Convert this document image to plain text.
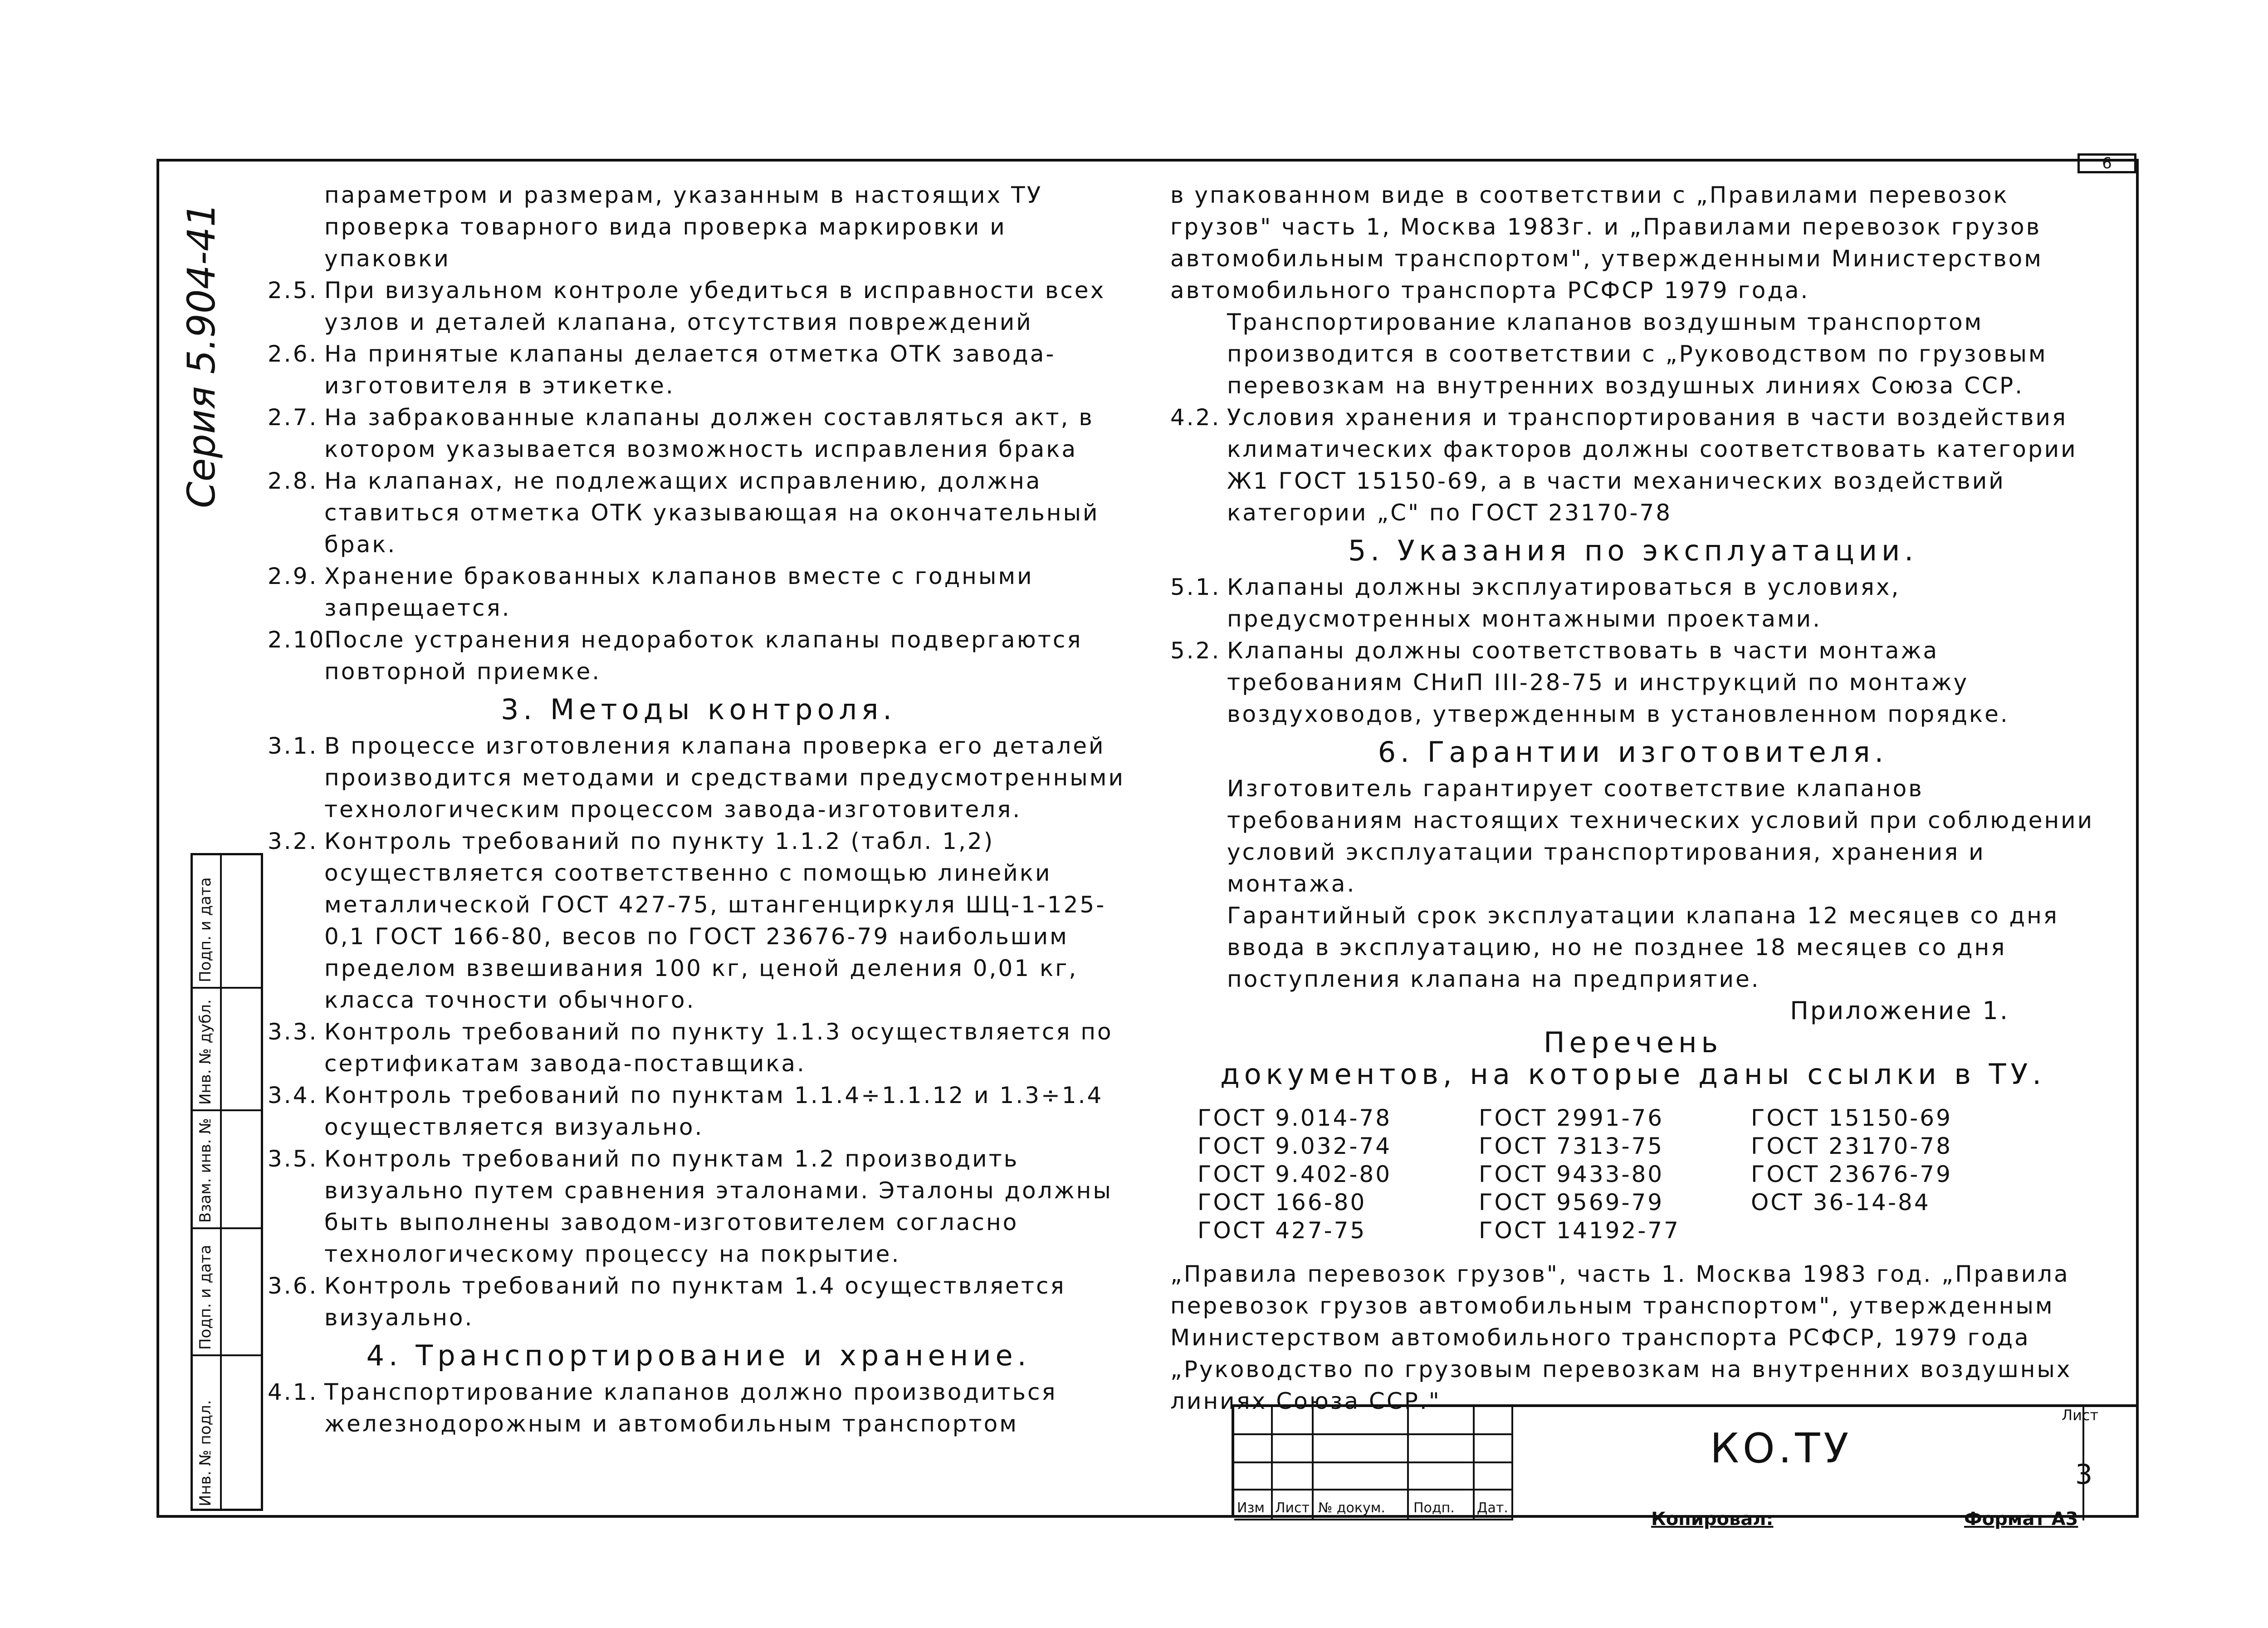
6
Серия 5.904-41
Инв. № подл.
Подп. и дата
Взам. инв. №
Инв. № дубл.
Подп. и дата

параметром и размерам, указанным в настоящих ТУ

проверка товарного вида проверка маркировки и

упаковки

2.5. При визуальном контроле убедиться в исправности всех узлов и деталей клапана, отсутствия повреждений
2.6. На принятые клапаны делается отметка ОТК завода-изготовителя в этикетке.
2.7. На забракованные клапаны должен составляться акт, в котором указывается возможность исправления брака
2.8. На клапанах, не подлежащих исправлению, должна ставиться отметка ОТК указывающая на окончательный брак.
2.9. Хранение бракованных клапанов вместе с годными запрещается.
2.10.
После устранения недоработок клапаны подвергаются повторной приемке.
3. Методы контроля.
3.1. В процессе изготовления клапана проверка его деталей производится методами и средствами предусмотренными технологическим процессом завода-изготовителя.
3.2. Контроль требований по пункту 1.1.2 (табл. 1,2) осуществляется соответственно с помощью линейки металлической ГОСТ 427-75, штангенциркуля ШЦ-1-125-0,1 ГОСТ 166-80, весов по ГОСТ 23676-79 наибольшим пределом взвешивания 100 кг, ценой деления 0,01 кг, класса точности обычного.
3.3. Контроль требований по пункту 1.1.3 осуществляется по сертификатам завода-поставщика.
3.4. Контроль требований по пунктам 1.1.4÷1.1.12 и 1.3÷1.4 осуществляется визуально.
3.5. Контроль требований по пунктам 1.2 производить визуально путем сравнения эталонами. Эталоны должны быть выполнены заводом-изготовителем согласно технологическому процессу на покрытие.
3.6. Контроль требований по пунктам 1.4 осуществляется визуально.
4. Транспортирование и хранение.
4.1. Транспортирование клапанов должно производиться железнодорожным и автомобильным транспортом

в упакованном виде в соответствии с „Правилами перевозок грузов" часть 1, Москва 1983г. и „Правилами перевозок грузов автомобильным транспортом", утвержденными Министерством автомобильного транспорта РСФСР 1979 года.

Транспортирование клапанов воздушным транспортом производится в соответствии с „Руководством по грузовым перевозкам на внутренних воздушных линиях Союза ССР.

4.2. Условия хранения и транспортирования в части воздействия климатических факторов должны соответствовать категории Ж1 ГОСТ 15150-69, а в части механических воздействий категории „С" по ГОСТ 23170-78
5. Указания по эксплуатации.
5.1. Клапаны должны эксплуатироваться в условиях, предусмотренных монтажными проектами.
5.2. Клапаны должны соответствовать в части монтажа требованиям СНиП III-28-75 и инструкций по монтажу воздуховодов, утвержденным в установленном порядке.
6. Гарантии изготовителя.

Изготовитель гарантирует соответствие клапанов требованиям настоящих технических условий при соблюдении условий эксплуатации транспортирования, хранения и монтажа.

Гарантийный срок эксплуатации клапана 12 месяцев со дня ввода в эксплуатацию, но не позднее 18 месяцев со дня поступления клапана на предприятие.

Приложение 1.
Перечень
документов, на которые даны ссылки в ТУ.
ГОСТ 9.014-78	ГОСТ 2991-76	ГОСТ 15150-69
ГОСТ 9.032-74	ГОСТ 7313-75	ГОСТ 23170-78
ГОСТ 9.402-80	ГОСТ 9433-80	ГОСТ 23676-79
ГОСТ 166-80	ГОСТ 9569-79	ОСТ 36-14-84
ГОСТ 427-75	ГОСТ 14192-77

„Правила перевозок грузов", часть 1. Москва 1983 год. „Правила перевозок грузов автомобильным транспортом", утвержденным Министерством автомобильного транспорта РСФСР, 1979 года „Руководство по грузовым перевозкам на внутренних воздушных линиях Союза ССР."

Изм Лист № докум. Подп. Дат.
КО.ТУ
Лист
3
Копировал:	Формат А3
